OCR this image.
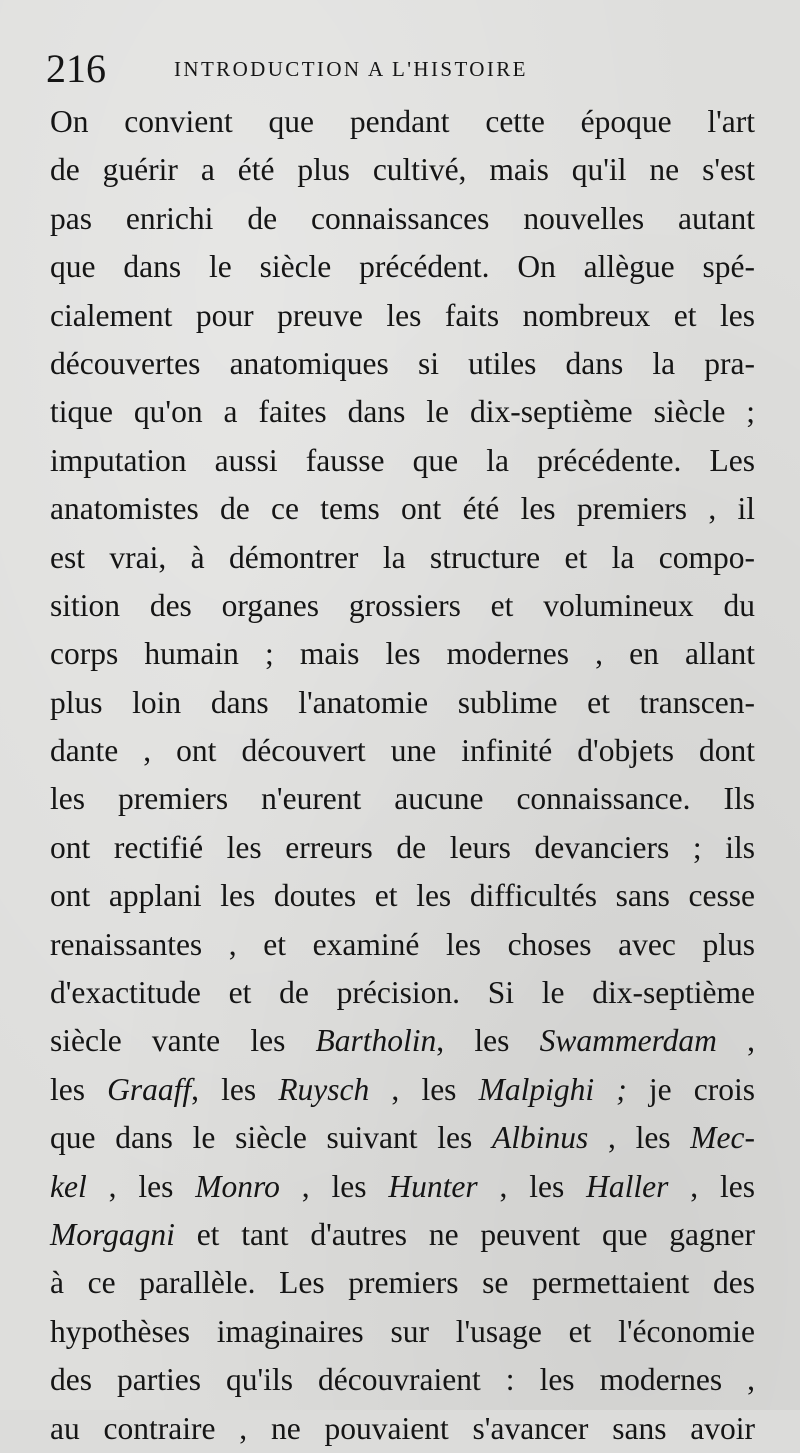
216	INTRODUCTION A L'HISTOIRE
On convient que pendant cette époque l'art
de guérir a été plus cultivé, mais qu'il ne s'est
pas enrichi de connaissances nouvelles autant
que dans le siècle précédent. On allègue spé-
cialement pour preuve les faits nombreux et les
découvertes anatomiques si utiles dans la pra-
tique qu'on a faites dans le dix-septième siècle ;
imputation aussi fausse que la précédente. Les
anatomistes de ce tems ont été les premiers , il
est vrai, à démontrer la structure et la compo-
sition des organes grossiers et volumineux du
corps humain ; mais les modernes , en allant
plus loin dans l'anatomie sublime et transcen-
dante , ont découvert une infinité d'objets dont
les premiers n'eurent aucune connaissance. Ils
ont rectifié les erreurs de leurs devanciers ; ils
ont applani les doutes et les difficultés sans cesse
renaissantes , et examiné les choses avec plus
d'exactitude et de précision. Si le dix-septième
siècle vante les Bartholin, les Swammerdam ,
les Graaff, les Ruysch , les Malpighi ; je crois
que dans le siècle suivant les Albinus , les Mec-
kel , les Monro , les Hunter , les Haller , les
Morgagni et tant d'autres ne peuvent que gagner
à ce parallèle. Les premiers se permettaient des
hypothèses imaginaires sur l'usage et l'économie
des parties qu'ils découvraient : les modernes ,
au contraire , ne pouvaient s'avancer sans avoir
